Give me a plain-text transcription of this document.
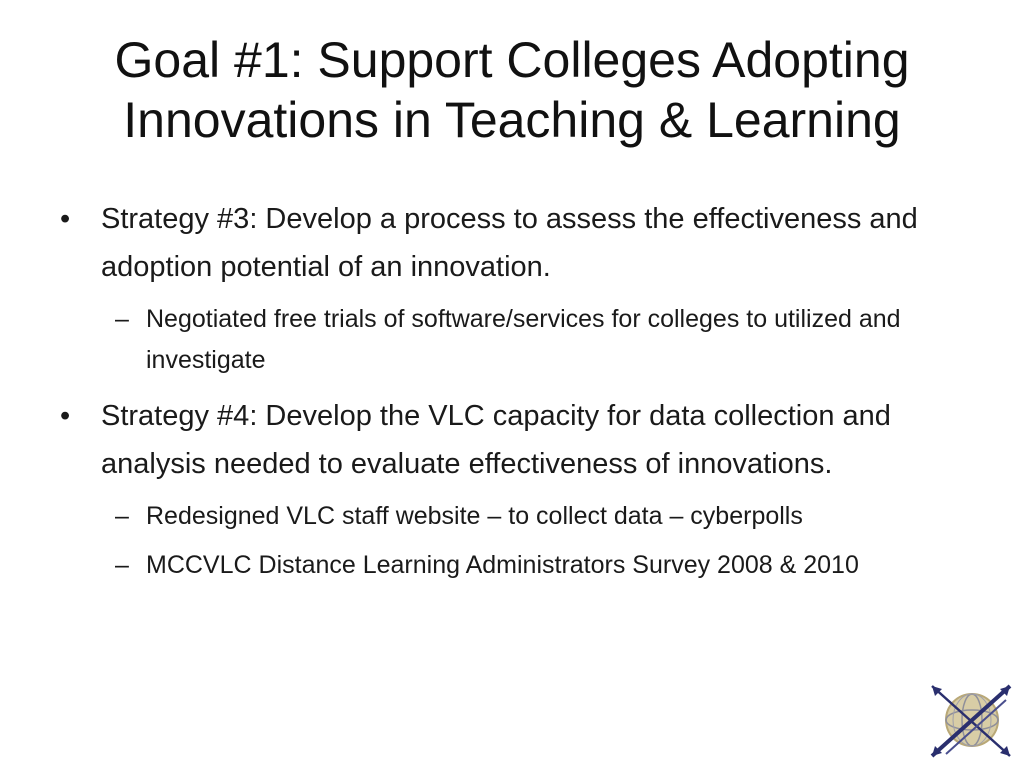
Goal #1: Support Colleges Adopting Innovations in Teaching & Learning
• Strategy #3: Develop a process to assess the effectiveness and adoption potential of an innovation.
– Negotiated free trials of software/services for colleges to utilized and investigate
• Strategy #4: Develop the VLC capacity for data collection and analysis needed to evaluate effectiveness of innovations.
– Redesigned VLC staff website – to collect data – cyberpolls
– MCCVLC Distance Learning Administrators Survey 2008 & 2010
